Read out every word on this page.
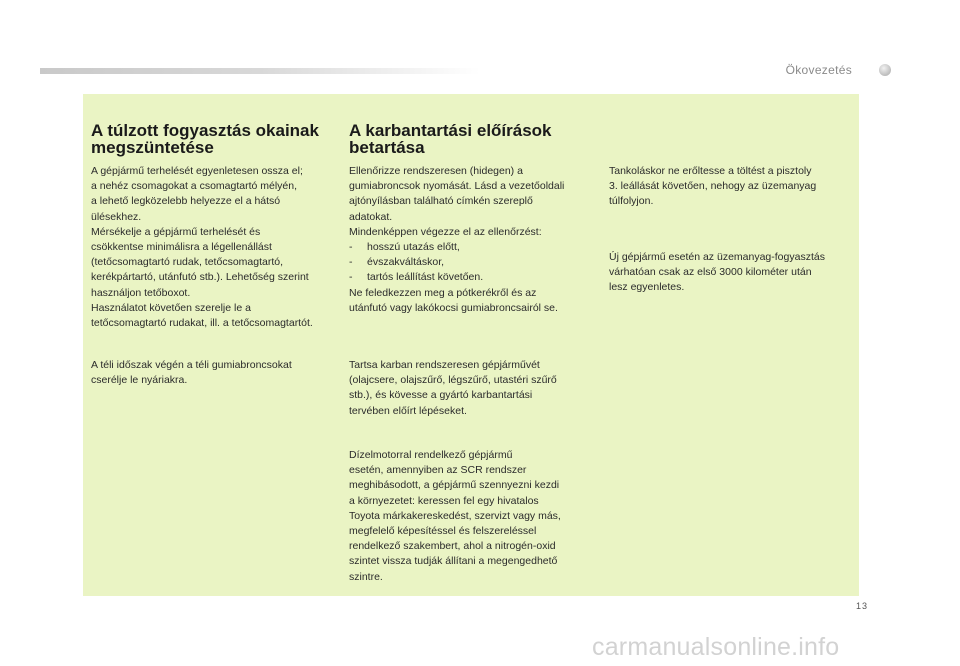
Ökovezetés
A túlzott fogyasztás okainak
megszüntetése

A gépjármű terhelését egyenletesen ossza el;
a nehéz csomagokat a csomagtartó mélyén,
a lehető legközelebb helyezze el a hátsó
ülésekhez.
Mérsékelje a gépjármű terhelését és
csökkentse minimálisra a légellenállást
(tetőcsomagtartó rudak, tetőcsomagtartó,
kerékpártartó, utánfutó stb.). Lehetőség szerint
használjon tetőboxot.
Használatot követően szerelje le a
tetőcsomagtartó rudakat, ill. a tetőcsomagtartót.

A téli időszak végén a téli gumiabroncsokat
cserélje le nyáriakra.

A karbantartási előírások
betartása

Ellenőrizze rendszeresen (hidegen) a
gumiabroncsok nyomását. Lásd a vezetőoldali
ajtónyílásban található címkén szereplő
adatokat.
Mindenképpen végezze el az ellenőrzést:
- hosszú utazás előtt,
- évszakváltáskor,
- tartós leállítást követően.
Ne feledkezzen meg a pótkerékről és az
utánfutó vagy lakókocsi gumiabroncsairól se.

Tartsa karban rendszeresen gépjárművét
(olajcsere, olajszűrő, légszűrő, utastéri szűrő
stb.), és kövesse a gyártó karbantartási
tervében előírt lépéseket.

Dízelmotorral rendelkező gépjármű
esetén, amennyiben az SCR rendszer
meghibásodott, a gépjármű szennyezni kezdi
a környezetet: keressen fel egy hivatalos
Toyota márkakereskedést, szervizt vagy más,
megfelelő képesítéssel és felszereléssel
rendelkező szakembert, ahol a nitrogén-oxid
szintet vissza tudják állítani a megengedhető
szintre.

Tankoláskor ne erőltesse a töltést a pisztoly
3. leállását követően, nehogy az üzemanyag
túlfolyjon.

Új gépjármű esetén az üzemanyag-fogyasztás
várhatóan csak az első 3000 kilométer után
lesz egyenletes.

13
carmanualsonline.info
